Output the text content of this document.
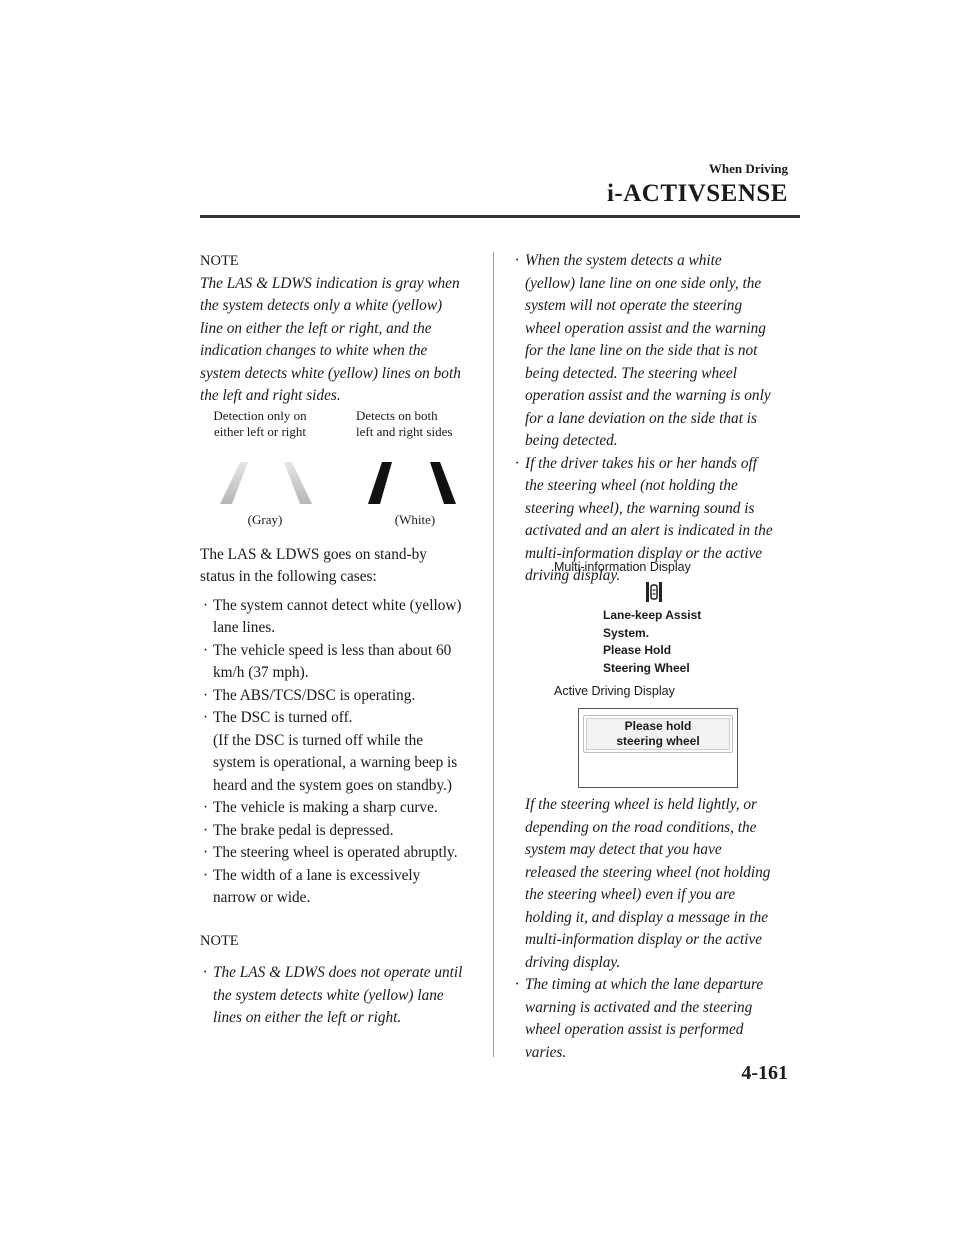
When Driving
i-ACTIVSENSE
NOTE
The LAS & LDWS indication is gray when
the system detects only a white (yellow)
line on either the left or right, and the
indication changes to white when the
system detects white (yellow) lines on both
the left and right sides.
Detection only on
either left or right
Detects on both
left and right sides
(Gray)	(White)
The LAS & LDWS goes on stand-by
status in the following cases:
· The system cannot detect white (yellow)
lane lines.
· The vehicle speed is less than about 60
km/h (37 mph).
· The ABS/TCS/DSC is operating.
· The DSC is turned off.
(If the DSC is turned off while the
system is operational, a warning beep is
heard and the system goes on standby.)
· The vehicle is making a sharp curve.
· The brake pedal is depressed.
· The steering wheel is operated abruptly.
· The width of a lane is excessively
narrow or wide.
NOTE
· The LAS & LDWS does not operate until
the system detects white (yellow) lane
lines on either the left or right.
· When the system detects a white
(yellow) lane line on one side only, the
system will not operate the steering
wheel operation assist and the warning
for the lane line on the side that is not
being detected. The steering wheel
operation assist and the warning is only
for a lane deviation on the side that is
being detected.
· If the driver takes his or her hands off
the steering wheel (not holding the
steering wheel), the warning sound is
activated and an alert is indicated in the
multi-information display or the active
driving display.
Multi-information Display
Lane-keep Assist
System.
Please Hold
Steering Wheel
Active Driving Display
Please hold
steering wheel
If the steering wheel is held lightly, or
depending on the road conditions, the
system may detect that you have
released the steering wheel (not holding
the steering wheel) even if you are
holding it, and display a message in the
multi-information display or the active
driving display.
· The timing at which the lane departure
warning is activated and the steering
wheel operation assist is performed
varies.
4-161
